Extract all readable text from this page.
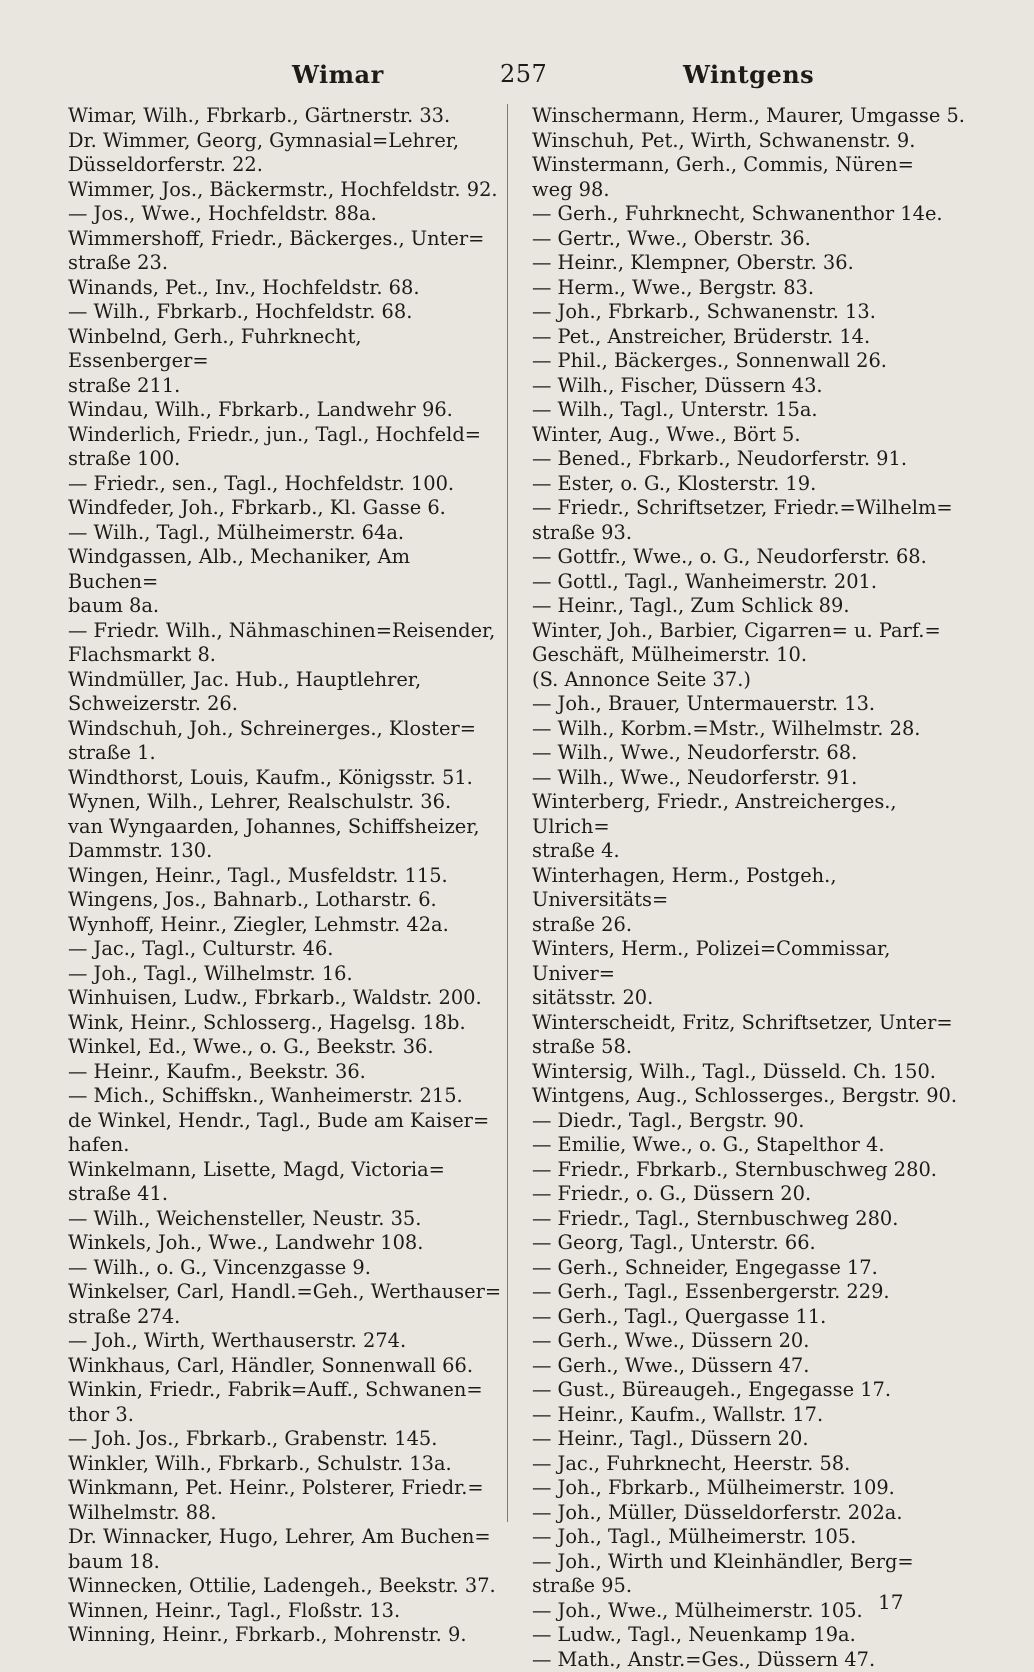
Wimar	257	Wintgens
Wimar, Wilh., Fbrkarb., Gärtnerstr. 33.
Dr. Wimmer, Georg, Gymnasial=Lehrer,
Düsseldorferstr. 22.
Wimmer, Jos., Bäckermstr., Hochfeldstr. 92.
— Jos., Wwe., Hochfeldstr. 88a.
Wimmershoff, Friedr., Bäckerges., Unter=
straße 23.
Winands, Pet., Inv., Hochfeldstr. 68.
— Wilh., Fbrkarb., Hochfeldstr. 68.
Winbelnd, Gerh., Fuhrknecht, Essenberger=
straße 211.
Windau, Wilh., Fbrkarb., Landwehr 96.
Winderlich, Friedr., jun., Tagl., Hochfeld=
straße 100.
— Friedr., sen., Tagl., Hochfeldstr. 100.
Windfeder, Joh., Fbrkarb., Kl. Gasse 6.
— Wilh., Tagl., Mülheimerstr. 64a.
Windgassen, Alb., Mechaniker, Am Buchen=
baum 8a.
— Friedr. Wilh., Nähmaschinen=Reisender,
Flachsmarkt 8.
Windmüller, Jac. Hub., Hauptlehrer,
Schweizerstr. 26.
Windschuh, Joh., Schreinerges., Kloster=
straße 1.
Windthorst, Louis, Kaufm., Königsstr. 51.
Wynen, Wilh., Lehrer, Realschulstr. 36.
van Wyngaarden, Johannes, Schiffsheizer,
Dammstr. 130.
Wingen, Heinr., Tagl., Musfeldstr. 115.
Wingens, Jos., Bahnarb., Lotharstr. 6.
Wynhoff, Heinr., Ziegler, Lehmstr. 42a.
— Jac., Tagl., Culturstr. 46.
— Joh., Tagl., Wilhelmstr. 16.
Winhuisen, Ludw., Fbrkarb., Waldstr. 200.
Wink, Heinr., Schlosserg., Hagelsg. 18b.
Winkel, Ed., Wwe., o. G., Beekstr. 36.
— Heinr., Kaufm., Beekstr. 36.
— Mich., Schiffskn., Wanheimerstr. 215.
de Winkel, Hendr., Tagl., Bude am Kaiser=
hafen.
Winkelmann, Lisette, Magd, Victoria=
straße 41.
— Wilh., Weichensteller, Neustr. 35.
Winkels, Joh., Wwe., Landwehr 108.
— Wilh., o. G., Vincenzgasse 9.
Winkelser, Carl, Handl.=Geh., Werthauser=
straße 274.
— Joh., Wirth, Werthauserstr. 274.
Winkhaus, Carl, Händler, Sonnenwall 66.
Winkin, Friedr., Fabrik=Auff., Schwanen=
thor 3.
— Joh. Jos., Fbrkarb., Grabenstr. 145.
Winkler, Wilh., Fbrkarb., Schulstr. 13a.
Winkmann, Pet. Heinr., Polsterer, Friedr.=
Wilhelmstr. 88.
Dr. Winnacker, Hugo, Lehrer, Am Buchen=
baum 18.
Winnecken, Ottilie, Ladengeh., Beekstr. 37.
Winnen, Heinr., Tagl., Floßstr. 13.
Winning, Heinr., Fbrkarb., Mohrenstr. 9.
Winschermann, Herm., Maurer, Umgasse 5.
Winschuh, Pet., Wirth, Schwanenstr. 9.
Winstermann, Gerh., Commis, Nüren=
weg 98.
— Gerh., Fuhrknecht, Schwanenthor 14e.
— Gertr., Wwe., Oberstr. 36.
— Heinr., Klempner, Oberstr. 36.
— Herm., Wwe., Bergstr. 83.
— Joh., Fbrkarb., Schwanenstr. 13.
— Pet., Anstreicher, Brüderstr. 14.
— Phil., Bäckerges., Sonnenwall 26.
— Wilh., Fischer, Düssern 43.
— Wilh., Tagl., Unterstr. 15a.
Winter, Aug., Wwe., Bört 5.
— Bened., Fbrkarb., Neudorferstr. 91.
— Ester, o. G., Klosterstr. 19.
— Friedr., Schriftsetzer, Friedr.=Wilhelm=
straße 93.
— Gottfr., Wwe., o. G., Neudorferstr. 68.
— Gottl., Tagl., Wanheimerstr. 201.
— Heinr., Tagl., Zum Schlick 89.
Winter, Joh., Barbier, Cigarren= u. Parf.=
Geschäft, Mülheimerstr. 10.
(S. Annonce Seite 37.)
— Joh., Brauer, Untermauerstr. 13.
— Wilh., Korbm.=Mstr., Wilhelmstr. 28.
— Wilh., Wwe., Neudorferstr. 68.
— Wilh., Wwe., Neudorferstr. 91.
Winterberg, Friedr., Anstreicherges., Ulrich=
straße 4.
Winterhagen, Herm., Postgeh., Universitäts=
straße 26.
Winters, Herm., Polizei=Commissar, Univer=
sitätsstr. 20.
Winterscheidt, Fritz, Schriftsetzer, Unter=
straße 58.
Wintersig, Wilh., Tagl., Düsseld. Ch. 150.
Wintgens, Aug., Schlosserges., Bergstr. 90.
— Diedr., Tagl., Bergstr. 90.
— Emilie, Wwe., o. G., Stapelthor 4.
— Friedr., Fbrkarb., Sternbuschweg 280.
— Friedr., o. G., Düssern 20.
— Friedr., Tagl., Sternbuschweg 280.
— Georg, Tagl., Unterstr. 66.
— Gerh., Schneider, Engegasse 17.
— Gerh., Tagl., Essenbergerstr. 229.
— Gerh., Tagl., Quergasse 11.
— Gerh., Wwe., Düssern 20.
— Gerh., Wwe., Düssern 47.
— Gust., Büreaugeh., Engegasse 17.
— Heinr., Kaufm., Wallstr. 17.
— Heinr., Tagl., Düssern 20.
— Jac., Fuhrknecht, Heerstr. 58.
— Joh., Fbrkarb., Mülheimerstr. 109.
— Joh., Müller, Düsseldorferstr. 202a.
— Joh., Tagl., Mülheimerstr. 105.
— Joh., Wirth und Kleinhändler, Berg=
straße 95.
— Joh., Wwe., Mülheimerstr. 105.
— Ludw., Tagl., Neuenkamp 19a.
— Math., Anstr.=Ges., Düssern 47.
17
